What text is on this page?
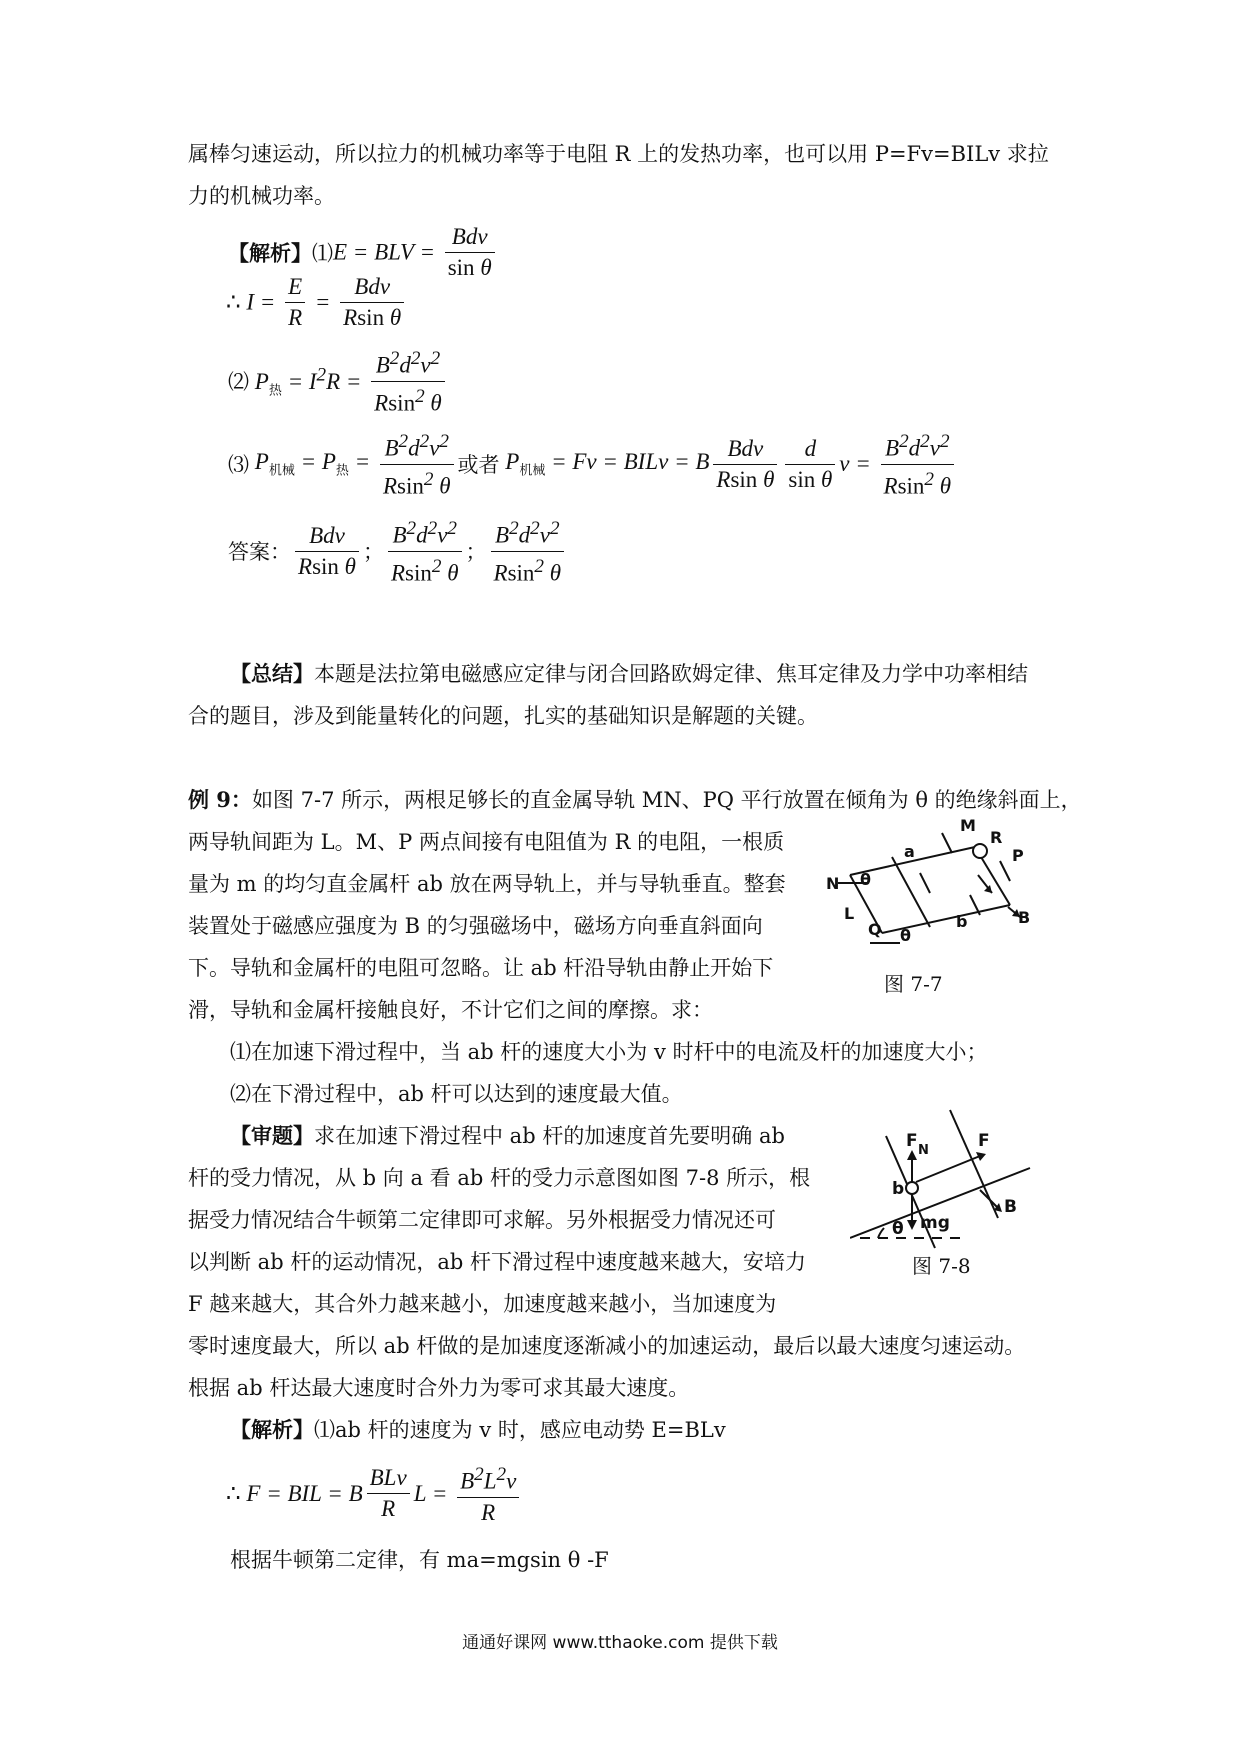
属棒匀速运动，所以拉力的机械功率等于电阻 R 上的发热功率，也可以用 P=Fv=BILv 求拉
力的机械功率。
【解析】⑴E = BLV = $\frac{\text{Bdv}}{\text{sin θ}}$
∴ $I = \frac{E}{R} = \frac{\text{Bdv}}{\text{Rsin θ}}$
⑵ $P_热 = I^2R = \frac{B^2d^2v^2}{Rsin^2 \theta}$
⑶ $P_{机械} = P_热 = \frac{B^2d^2v^2}{Rsin^2 \theta}$ 或者 $P_{机械} = Fv$ = BILv = B $\frac{\text{Bdv}}{\text{Rsin θ}} \frac{d}{\text{sin θ}}$ $v = \frac{B^2d^2v^2}{Rsin^2 \theta}$
答案： $\frac{\text{Bdv}}{\text{Rsin θ}}$ ； $\frac{B^2d^2v^2}{Rsin^2 \theta}$ ； $\frac{B^2d^2v^2}{Rsin^2 \theta}$
【总结】本题是法拉第电磁感应定律与闭合回路欧姆定律、焦耳定律及力学中功率相结
合的题目，涉及到能量转化的问题，扎实的基础知识是解题的关键。
例 9：如图 7-7 所示，两根足够长的直金属导轨 MN、PQ 平行放置在倾角为 θ 的绝缘斜面上，
两导轨间距为 L。M、P 两点间接有电阻值为 R 的电阻，一根质
量为 m 的均匀直金属杆 ab 放在两导轨上，并与导轨垂直。整套
装置处于磁感应强度为 B 的匀强磁场中，磁场方向垂直斜面向
下。导轨和金属杆的电阻可忽略。让 ab 杆沿导轨由静止开始下
滑，导轨和金属杆接触良好，不计它们之间的摩擦。求：
⑴在加速下滑过程中，当 ab 杆的速度大小为 v 时杆中的电流及杆的加速度大小；
⑵在下滑过程中，ab 杆可以达到的速度最大值。
M
R
P
a
N θ
L
Q θ
b	B
图 7-7
【审题】求在加速下滑过程中 ab 杆的加速度首先要明确 ab
杆的受力情况，从 b 向 a 看 ab 杆的受力示意图如图 7-8 所示，根
据受力情况结合牛顿第二定律即可求解。另外根据受力情况还可
以判断 ab 杆的运动情况，ab 杆下滑过程中速度越来越大，安培力
F 越来越大，其合外力越来越小，加速度越来越小，当加速度为
零时速度最大，所以 ab 杆做的是加速度逐渐减小的加速运动，最后以最大速度匀速运动。
根据 ab 杆达最大速度时合外力为零可求其最大速度。
F N	F
b
B
mg
θ
图 7-8
【解析】⑴ab 杆的速度为 v 时，感应电动势 E=BLv
∴ F = BIL = B $\frac{\text{BLv}}{R}$ $L = \frac{B^2L^2v}{R}$
根据牛顿第二定律，有 ma=mgsin θ -F
通通好课网 www.tthaoke.com 提供下载
